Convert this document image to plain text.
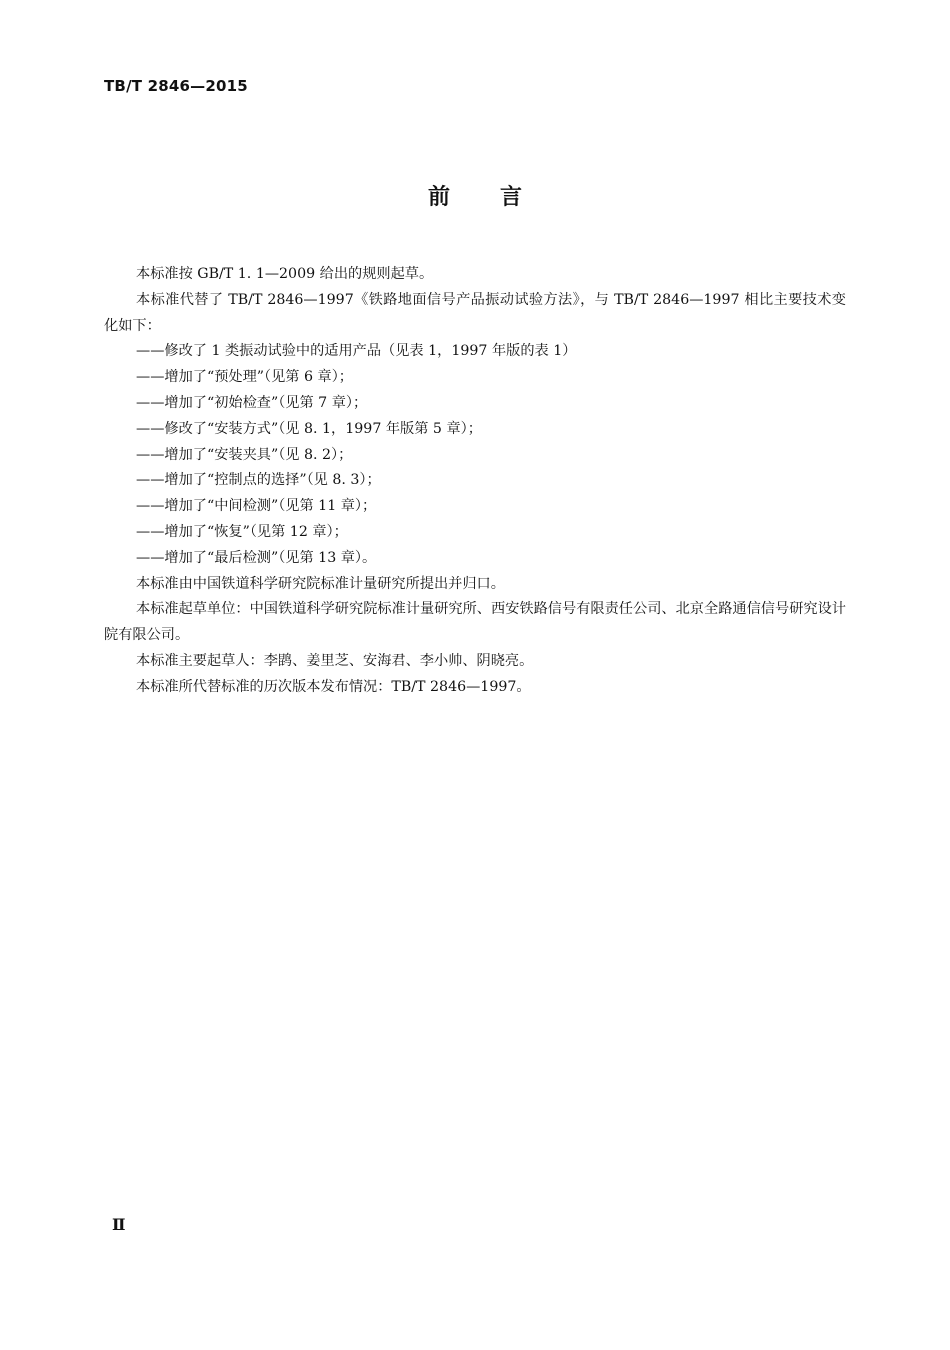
TB/T 2846—2015
前言

本标准按 GB/T 1. 1—2009 给出的规则起草。

本标准代替了 TB/T 2846—1997《铁路地面信号产品振动试验方法》，与 TB/T 2846—1997 相比主要技术变化如下：

——修改了 1 类振动试验中的适用产品（见表 1，1997 年版的表 1）

——增加了“预处理”（见第 6 章）；

——增加了“初始检查”（见第 7 章）；

——修改了“安装方式”（见 8. 1，1997 年版第 5 章）；

——增加了“安装夹具”（见 8. 2）；

——增加了“控制点的选择”（见 8. 3）；

——增加了“中间检测”（见第 11 章）；

——增加了“恢复”（见第 12 章）；

——增加了“最后检测”（见第 13 章）。

本标准由中国铁道科学研究院标准计量研究所提出并归口。

本标准起草单位：中国铁道科学研究院标准计量研究所、西安铁路信号有限责任公司、北京全路通信信号研究设计院有限公司。

本标准主要起草人：李鹍、姜里芝、安海君、李小帅、阴晓亮。

本标准所代替标准的历次版本发布情况：TB/T 2846—1997。

Ⅱ
